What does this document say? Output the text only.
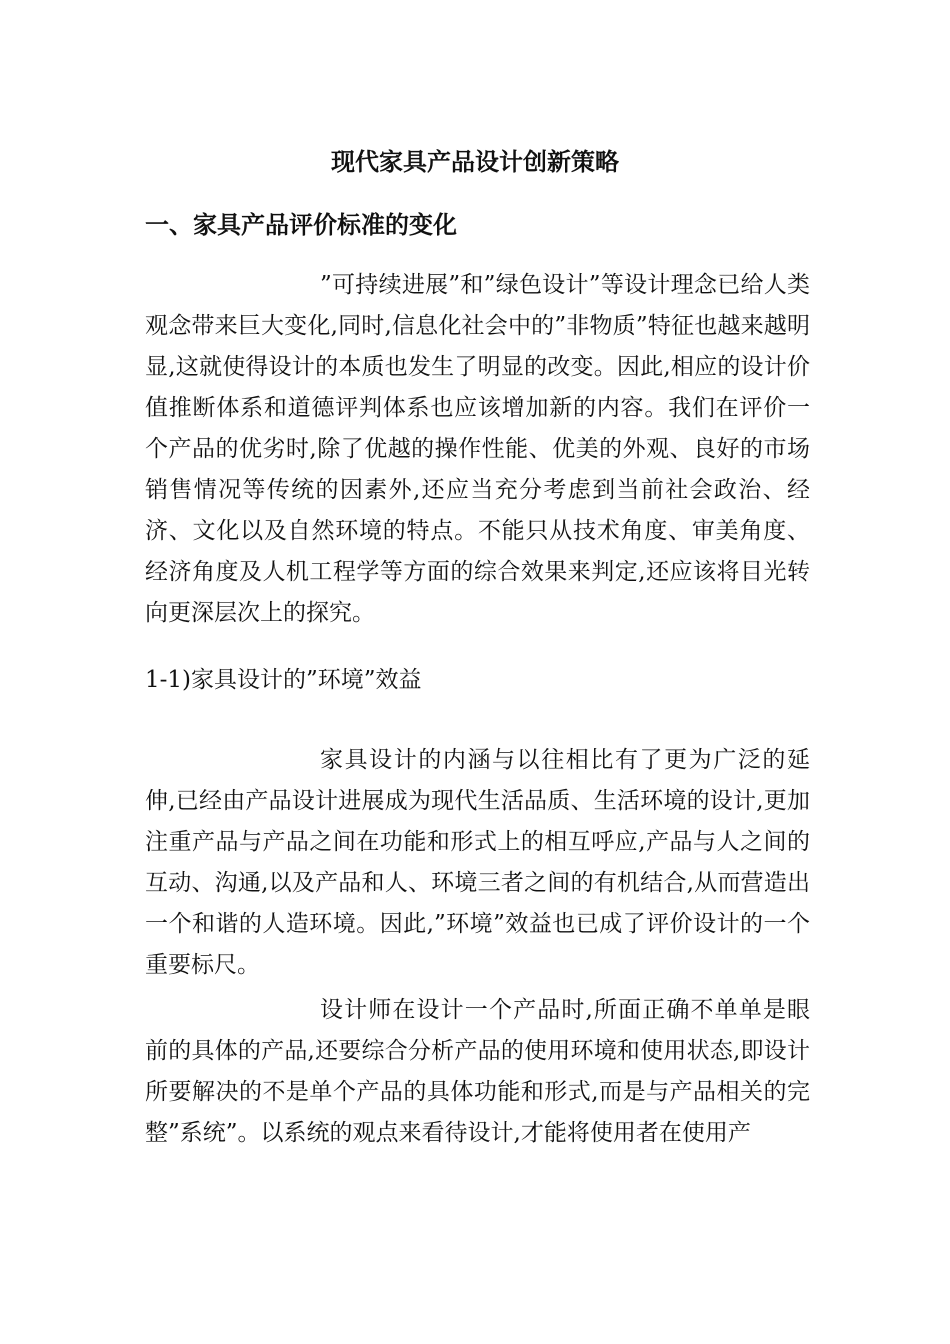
现代家具产品设计创新策略
一、家具产品评价标准的变化

”可持续进展”和”绿色设计”等设计理念已给人类观念带来巨大变化,同时,信息化社会中的”非物质”特征也越来越明显,这就使得设计的本质也发生了明显的改变。因此,相应的设计价值推断体系和道德评判体系也应该增加新的内容。我们在评价一个产品的优劣时,除了优越的操作性能、优美的外观、良好的市场销售情况等传统的因素外,还应当充分考虑到当前社会政治、经济、文化以及自然环境的特点。不能只从技术角度、审美角度、经济角度及人机工程学等方面的综合效果来判定,还应该将目光转向更深层次上的探究。

1-1)家具设计的”环境”效益

家具设计的内涵与以往相比有了更为广泛的延伸,已经由产品设计进展成为现代生活品质、生活环境的设计,更加注重产品与产品之间在功能和形式上的相互呼应,产品与人之间的互动、沟通,以及产品和人、环境三者之间的有机结合,从而营造出一个和谐的人造环境。因此,”环境”效益也已成了评价设计的一个重要标尺。

设计师在设计一个产品时,所面正确不单单是眼前的具体的产品,还要综合分析产品的使用环境和使用状态,即设计所要解决的不是单个产品的具体功能和形式,而是与产品相关的完整”系统”。以系统的观点来看待设计,才能将使用者在使用产
